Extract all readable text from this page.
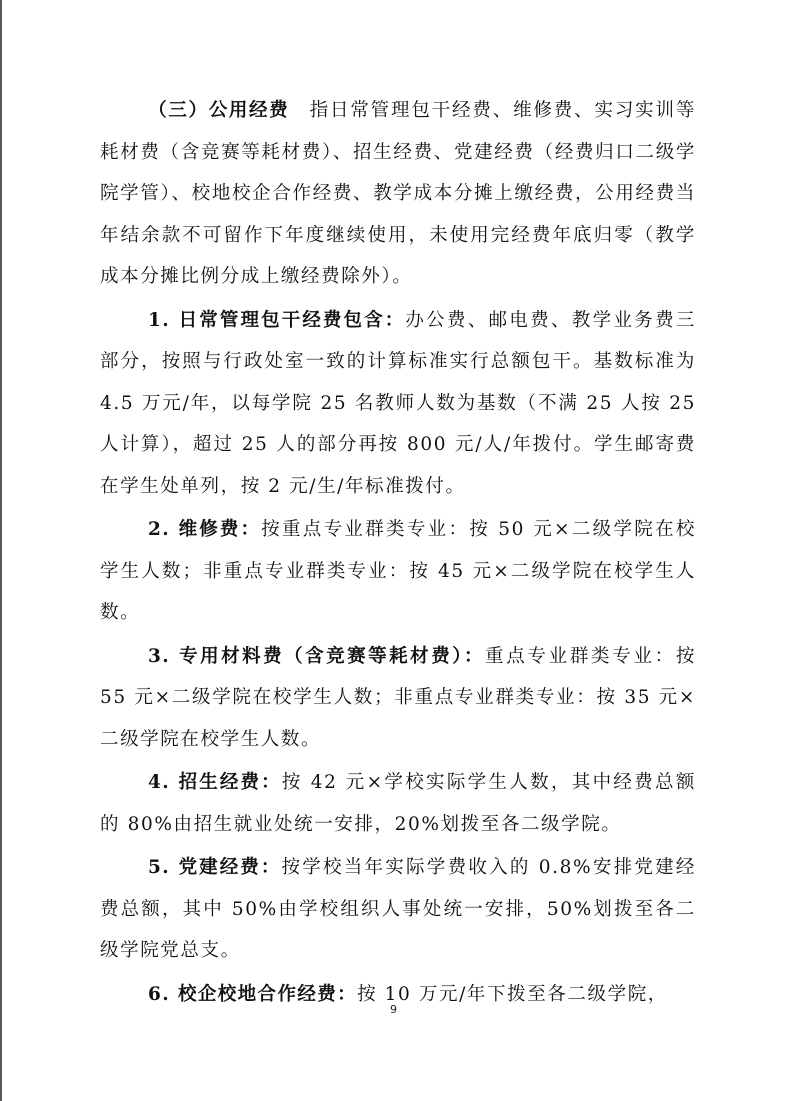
（三）公用经费　指日常管理包干经费、维修费、实习实训等耗材费（含竞赛等耗材费）、招生经费、党建经费（经费归口二级学院学管）、校地校企合作经费、教学成本分摊上缴经费，公用经费当年结余款不可留作下年度继续使用，未使用完经费年底归零（教学成本分摊比例分成上缴经费除外）。

1. 日常管理包干经费包含：办公费、邮电费、教学业务费三部分，按照与行政处室一致的计算标准实行总额包干。基数标准为 4.5 万元/年，以每学院 25 名教师人数为基数（不满 25 人按 25 人计算），超过 25 人的部分再按 800 元/人/年拨付。学生邮寄费在学生处单列，按 2 元/生/年标准拨付。

2. 维修费：按重点专业群类专业：按 50 元×二级学院在校学生人数；非重点专业群类专业：按 45 元×二级学院在校学生人数。

3. 专用材料费（含竞赛等耗材费）：重点专业群类专业：按 55 元×二级学院在校学生人数；非重点专业群类专业：按 35 元×二级学院在校学生人数。

4. 招生经费：按 42 元×学校实际学生人数，其中经费总额的 80%由招生就业处统一安排，20%划拨至各二级学院。

5. 党建经费：按学校当年实际学费收入的 0.8%安排党建经费总额，其中 50%由学校组织人事处统一安排，50%划拨至各二级学院党总支。

6. 校企校地合作经费：按 10 万元/年下拨至各二级学院，

9
